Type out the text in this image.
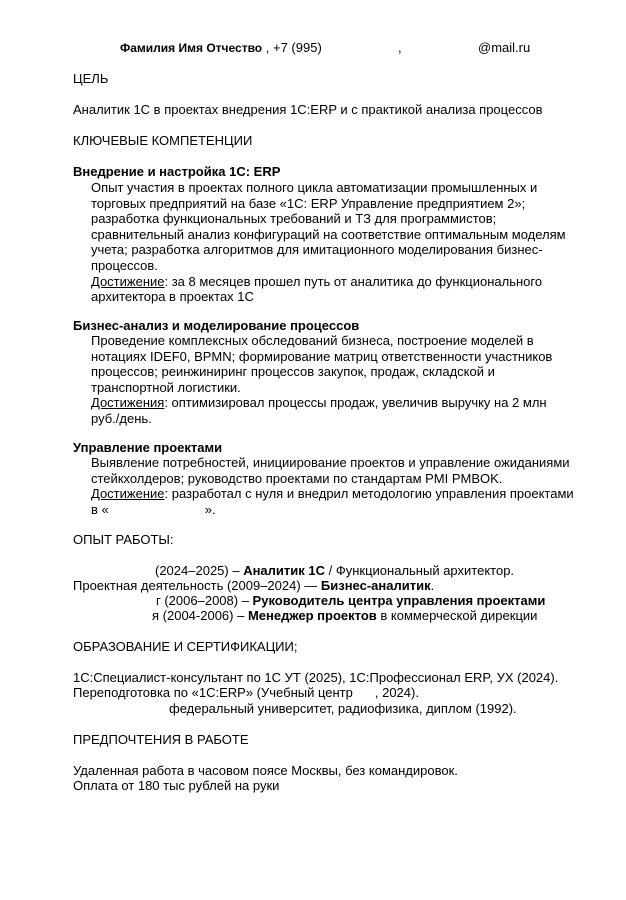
Фамилия Имя Отчество , +7 (995)	,	@mail.ru
ЦЕЛЬ
Аналитик 1С в проектах внедрения 1С:ERP и с практикой анализа процессов
КЛЮЧЕВЫЕ КОМПЕТЕНЦИИ
Внедрение и настройка 1С: ERP
Опыт участия в проектах полного цикла автоматизации промышленных и
торговых предприятий на базе «1С: ERP Управление предприятием 2»;
разработка функциональных требований и ТЗ для программистов;
сравнительный анализ конфигураций на соответствие оптимальным моделям
учета; разработка алгоритмов для имитационного моделирования бизнес-
процессов.
Достижение: за 8 месяцев прошел путь от аналитика до функционального
архитектора в проектах 1С
Бизнес-анализ и моделирование процессов
Проведение комплексных обследований бизнеса, построение моделей в
нотациях IDEF0, BPMN; формирование матриц ответственности участников
процессов; реинжиниринг процессов закупок, продаж, складской и
транспортной логистики.
Достижения: оптимизировал процессы продаж, увеличив выручку на 2 млн
руб./день.
Управление проектами
Выявление потребностей, инициирование проектов и управление ожиданиями
стейкхолдеров; руководство проектами по стандартам PMI PMBOK.
Достижение: разработал с нуля и внедрил методологию управления проектами
в «	».
ОПЫТ РАБОТЫ:
(2024–2025) – Аналитик 1С / Функциональный архитектор.
Проектная деятельность (2009–2024) — Бизнес-аналитик.
г (2006–2008) – Руководитель центра управления проектами
я (2004-2006) – Менеджер проектов в коммерческой дирекции
ОБРАЗОВАНИЕ И СЕРТИФИКАЦИИ;
1С:Специалист-консультант по 1С УТ (2025), 1С:Профессионал ERP, УХ (2024).
Переподготовка по «1С:ERP» (Учебный центр , 2024).
федеральный университет, радиофизика, диплом (1992).
ПРЕДПОЧТЕНИЯ В РАБОТЕ
Удаленная работа в часовом поясе Москвы, без командировок.
Оплата от 180 тыс рублей на руки
